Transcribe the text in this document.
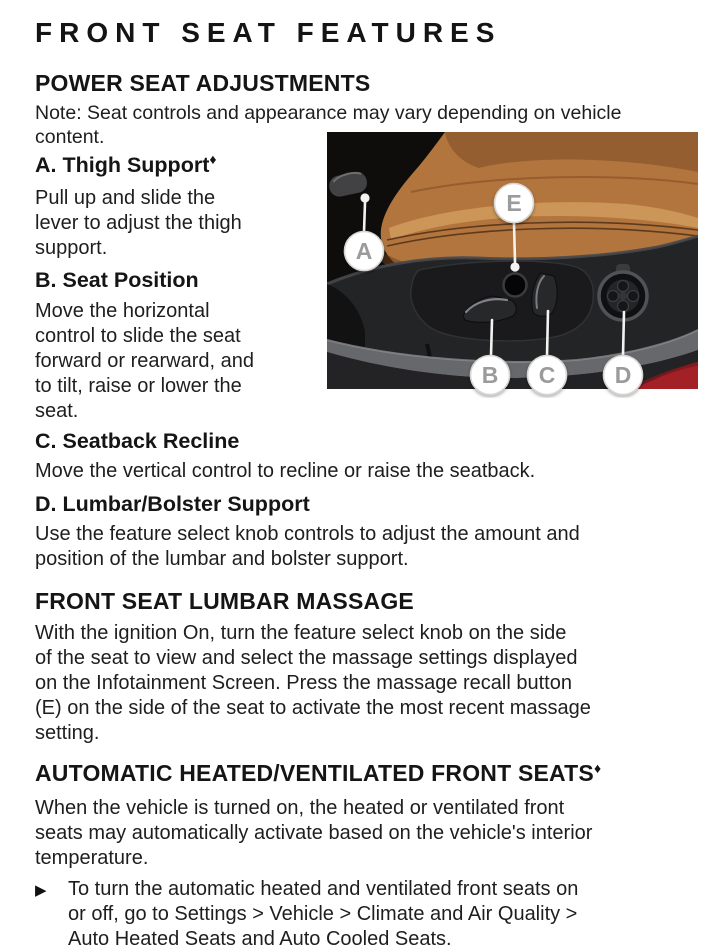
FRONT SEAT FEATURES
POWER SEAT ADJUSTMENTS
Note: Seat controls and appearance may vary depending on vehicle
content.
A. Thigh Support♦
Pull up and slide the
lever to adjust the thigh
support.
B. Seat Position
Move the horizontal
control to slide the seat
forward or rearward, and
to tilt, raise or lower the
seat.
C. Seatback Recline
Move the vertical control to recline or raise the seatback.
D. Lumbar/Bolster Support
Use the feature select knob controls to adjust the amount and
position of the lumbar and bolster support.
FRONT SEAT LUMBAR MASSAGE
With the ignition On, turn the feature select knob on the side
of the seat to view and select the massage settings displayed
on the Infotainment Screen. Press the massage recall button
(E) on the side of the seat to activate the most recent massage
setting.
AUTOMATIC HEATED/VENTILATED FRONT SEATS♦
When the vehicle is turned on, the heated or ventilated front
seats may automatically activate based on the vehicle's interior
temperature.
▶	To turn the automatic heated and ventilated front seats on
or off, go to Settings > Vehicle > Climate and Air Quality >
Auto Heated Seats and Auto Cooled Seats.
A
E
B C	D
